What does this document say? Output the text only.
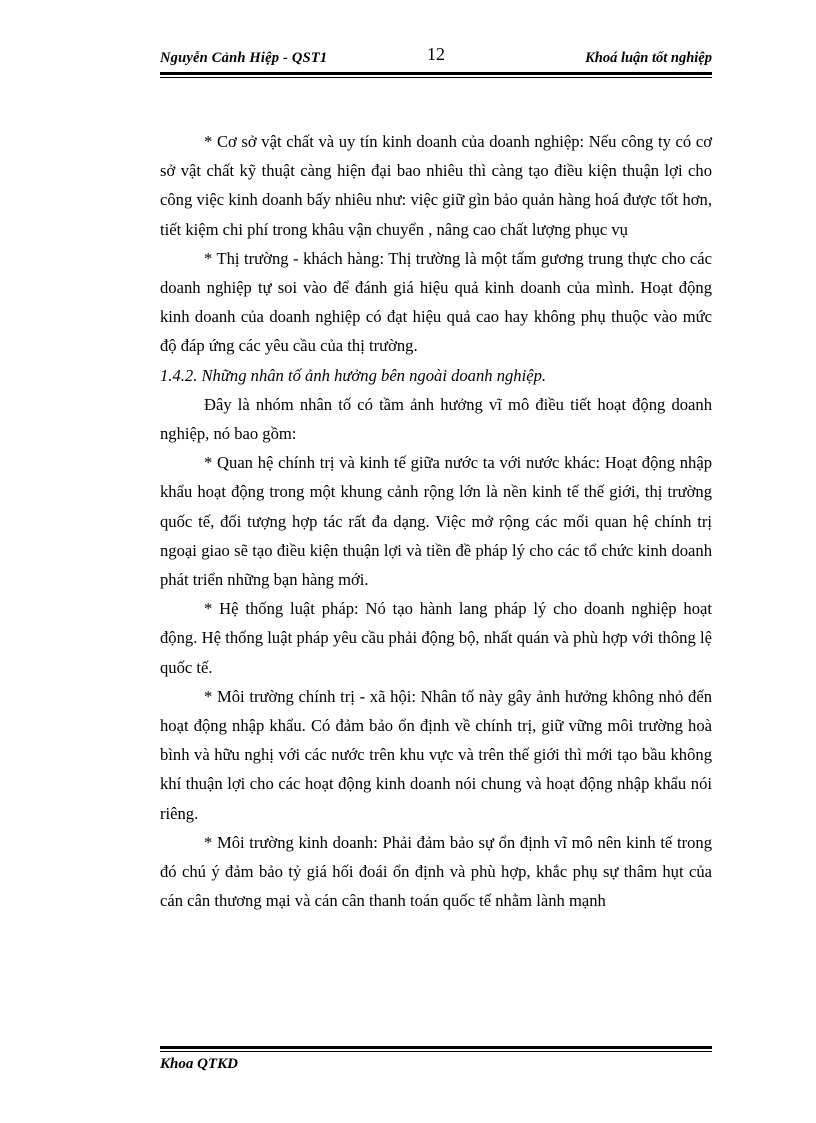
Nguyễn Cảnh Hiệp - QST1	12	Khoá luận tốt nghiệp

* Cơ sở vật chất và uy tín kinh doanh của doanh nghiệp: Nếu công ty có cơ sở vật chất kỹ thuật càng hiện đại bao nhiêu thì càng tạo điều kiện thuận lợi cho công việc kinh doanh bấy nhiêu như: việc giữ gìn bảo quản hàng hoá được tốt hơn, tiết kiệm chi phí trong khâu vận chuyển , nâng cao chất lượng phục vụ

* Thị trường - khách hàng: Thị trường là một tấm gương trung thực cho các doanh nghiệp tự soi vào để đánh giá hiệu quả kinh doanh của mình. Hoạt động kinh doanh của doanh nghiệp có đạt hiệu quả cao hay không phụ thuộc vào mức độ đáp ứng các yêu cầu của thị trường.

1.4.2. Những nhân tố ảnh hưởng bên ngoài doanh nghiệp.

Đây là nhóm nhân tố có tầm ảnh hưởng vĩ mô điều tiết hoạt động doanh nghiệp, nó bao gồm:

* Quan hệ chính trị và kinh tế giữa nước ta với nước khác: Hoạt động nhập khẩu hoạt động trong một khung cảnh rộng lớn là nền kinh tế thế giới, thị trường quốc tế, đối tượng hợp tác rất đa dạng. Việc mở rộng các mối quan hệ chính trị ngoại giao sẽ tạo điều kiện thuận lợi và tiền đề pháp lý cho các tổ chức kinh doanh phát triển những bạn hàng mới.

* Hệ thống luật pháp: Nó tạo hành lang pháp lý cho doanh nghiệp hoạt động. Hệ thống luật pháp yêu cầu phải động bộ, nhất quán và phù hợp với thông lệ quốc tế.

* Môi trường chính trị - xã hội: Nhân tố này gây ảnh hưởng không nhỏ đến hoạt động nhập khẩu. Có đảm bảo ổn định về chính trị, giữ vững môi trường hoà bình và hữu nghị với các nước trên khu vực và trên thế giới thì mới tạo bầu không khí thuận lợi cho các hoạt động kinh doanh nói chung và hoạt động nhập khẩu nói riêng.

* Môi trường kinh doanh: Phải đảm bảo sự ổn định vĩ mô nên kinh tế trong đó chú ý đảm bảo tỷ giá hối đoái ổn định và phù hợp, khắc phụ sự thâm hụt của cán cân thương mại và cán cân thanh toán quốc tế nhằm lành mạnh

Khoa QTKD
